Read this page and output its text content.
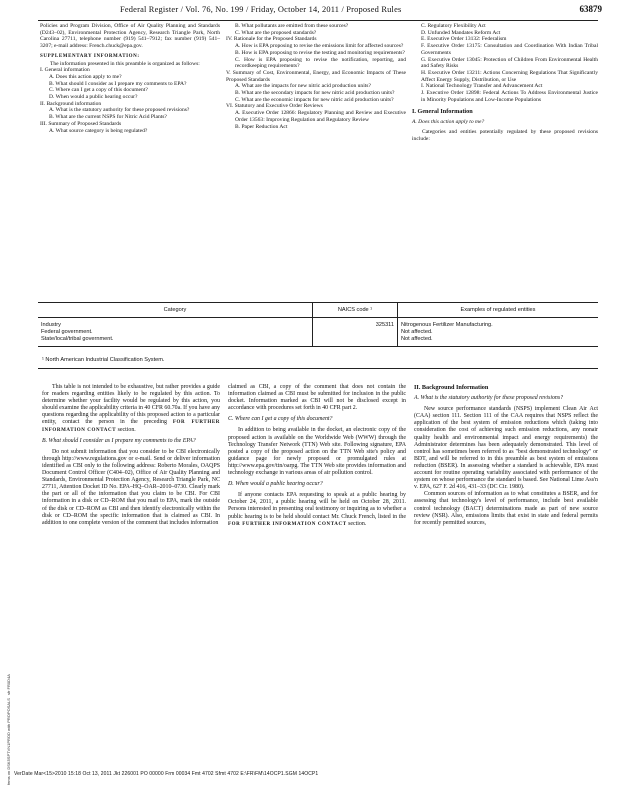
Federal Register / Vol. 76, No. 199 / Friday, October 14, 2011 / Proposed Rules	63879

Policies and Program Division, Office of Air Quality Planning and Standards (D243–02), Environmental Protection Agency, Research Triangle Park, North Carolina 27711, telephone number (919) 541–7912; fax number (919) 541–3207; e-mail address: French.chuck@epa.gov.

SUPPLEMENTARY INFORMATION:

The information presented in this preamble is organized as follows:

I. General information
A. Does this action apply to me?
B. What should I consider as I prepare my comments to EPA?
C. Where can I get a copy of this document?
D. When would a public hearing occur?
II. Background information
A. What is the statutory authority for these proposed revisions?
B. What are the current NSPS for Nitric Acid Plants?
III. Summary of Proposed Standards
A. What source category is being regulated?
B. What pollutants are emitted from these sources?
C. What are the proposed standards?
IV. Rationale for the Proposed Standards
A. How is EPA proposing to revise the emissions limit for affected sources?
B. How is EPA proposing to revise the testing and monitoring requirements?
C. How is EPA proposing to revise the notification, reporting, and recordkeeping requirements?
V. Summary of Cost, Environmental, Energy, and Economic Impacts of These Proposed Standards
A. What are the impacts for new nitric acid production units?
B. What are the secondary impacts for new nitric acid production units?
C. What are the economic impacts for new nitric acid production units?
VI. Statutory and Executive Order Reviews
A. Executive Order 12866: Regulatory Planning and Review and Executive Order 13563: Improving Regulation and Regulatory Review
B. Paper Reduction Act
C. Regulatory Flexibility Act
D. Unfunded Mandates Reform Act
E. Executive Order 13132: Federalism
F. Executive Order 13175: Consultation and Coordination With Indian Tribal Governments
G. Executive Order 13045: Protection of Children From Environmental Health and Safety Risks
H. Executive Order 13211: Actions Concerning Regulations That Significantly Affect Energy Supply, Distribution, or Use
I. National Technology Transfer and Advancement Act
J. Executive Order 12898: Federal Actions To Address Environmental Justice in Minority Populations and Low-Income Populations

I. General Information

A. Does this action apply to me?

Categories and entities potentially regulated by these proposed revisions include:

Category	NAICS code ¹	Examples of regulated entities
Industry	325311	Nitrogenous Fertilizer Manufacturing.
Federal government.		Not affected.
State/local/tribal government.		Not affected.
¹ North American Industrial Classification System.

This table is not intended to be exhaustive, but rather provides a guide for readers regarding entities likely to be regulated by this action. To determine whether your facility would be regulated by this action, you should examine the applicability criteria in 40 CFR 60.70a. If you have any questions regarding the applicability of this proposed action to a particular entity, contact the person in the preceding FOR FURTHER INFORMATION CONTACT section.

B. What should I consider as I prepare my comments to the EPA?

Do not submit information that you consider to be CBI electronically through http://www.regulations.gov or e-mail. Send or deliver information identified as CBI only to the following address: Roberto Morales, OAQPS Document Control Officer (C404–02), Office of Air Quality Planning and Standards, Environmental Protection Agency, Research Triangle Park, NC 27711, Attention Docket ID No. EPA–HQ–OAR–2010–0730. Clearly mark the part or all of the information that you claim to be CBI. For CBI information in a disk or CD–ROM that you mail to EPA, mark the outside of the disk or CD–ROM as CBI and then identify electronically within the disk or CD–ROM the specific information that is claimed as CBI. In addition to one complete version of the comment that includes information

claimed as CBI, a copy of the comment that does not contain the information claimed as CBI must be submitted for inclusion in the public docket. Information marked as CBI will not be disclosed except in accordance with procedures set forth in 40 CFR part 2.

C. Where can I get a copy of this document?

In addition to being available in the docket, an electronic copy of the proposed action is available on the Worldwide Web (WWW) through the Technology Transfer Network (TTN) Web site. Following signature, EPA posted a copy of the proposed action on the TTN Web site's policy and guidance page for newly proposed or promulgated rules at http://www.epa.gov/ttn/oarpg. The TTN Web site provides information and technology exchange in various areas of air pollution control.

D. When would a public hearing occur?

If anyone contacts EPA requesting to speak at a public hearing by October 24, 2011, a public hearing will be held on October 28, 2011. Persons interested in presenting oral testimony or inquiring as to whether a public hearing is to be held should contact Mr. Chuck French, listed in the FOR FURTHER INFORMATION CONTACT section.

II. Background Information

A. What is the statutory authority for these proposed revisions?

New source performance standards (NSPS) implement Clean Air Act (CAA) section 111. Section 111 of the CAA requires that NSPS reflect the application of the best system of emission reductions which (taking into consideration the cost of achieving such emission reductions, any nonair quality health and environmental impact and energy requirements) the Administrator determines has been adequately demonstrated. This level of control has sometimes been referred to as "best demonstrated technology" or BDT, and will be referred to in this preamble as best system of emissions reduction (BSER). In assessing whether a standard is achievable, EPA must account for routine operating variability associated with performance of the system on whose performance the standard is based. See National Lime Ass'n v. EPA, 627 F. 2d 416, 431–33 (DC Cir. 1980).

Common sources of information as to what constitutes a BSER, and for assessing that technology's level of performance, include best available control technology (BACT) determinations made as part of new source review (NSR). Also, emissions limits that exist in state and federal permits for recently permitted sources,

sfr FR0D4A
fems on DSK5SPTVN1PROD with PROPOSALS VerDate Mar<15>2010 15:18 Oct 13, 2011 Jkt 226001 PO 00000 Frm 00034 Fmt 4702 Sfmt 4702 E:\FR\FM\14OCP1.SGM 14OCP1
